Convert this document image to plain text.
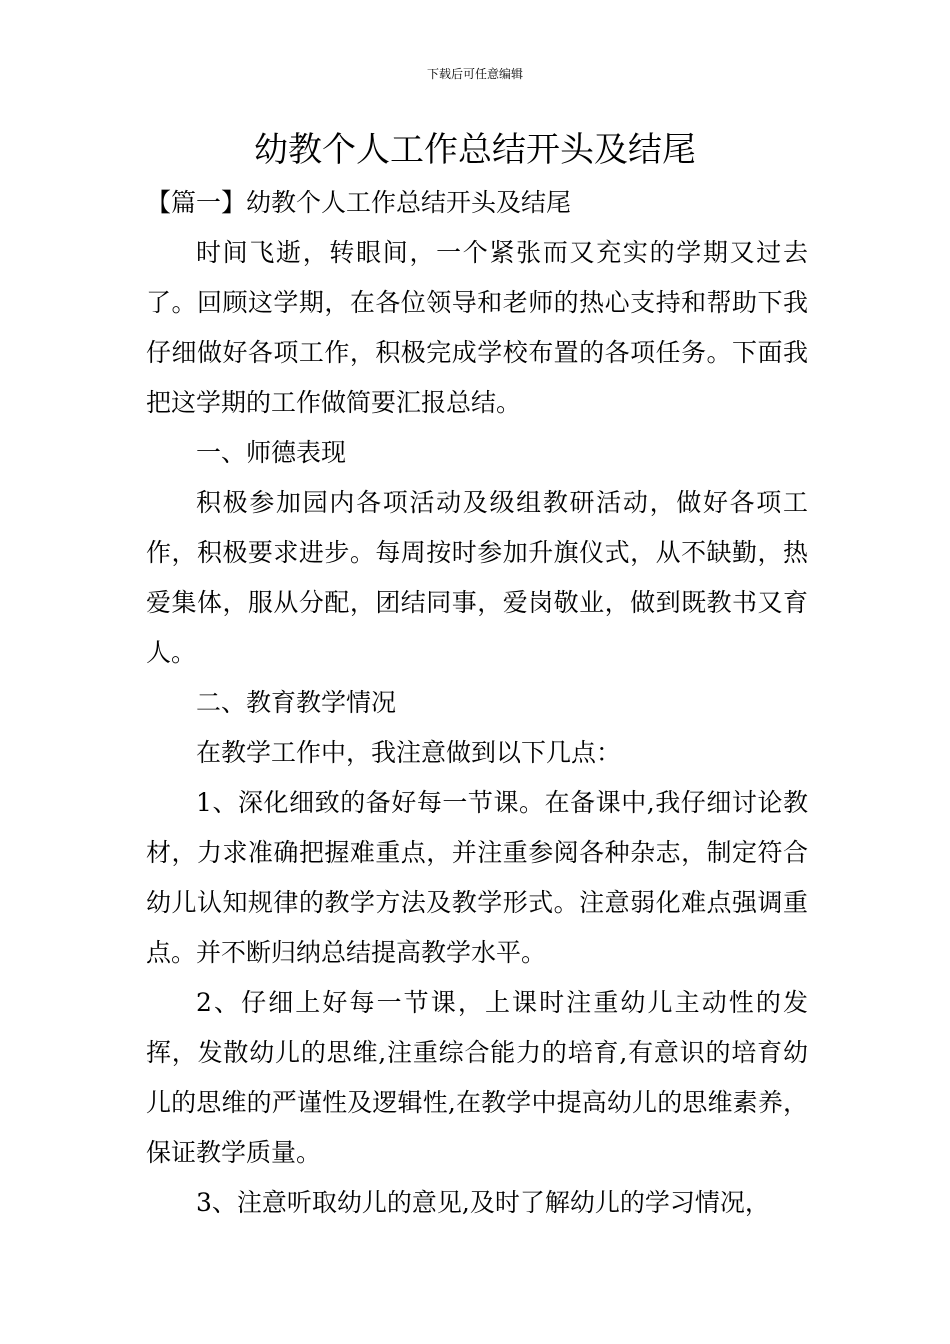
下载后可任意编辑
幼教个人工作总结开头及结尾

【篇一】幼教个人工作总结开头及结尾

时间飞逝，转眼间，一个紧张而又充实的学期又过去了。回顾这学期，在各位领导和老师的热心支持和帮助下我仔细做好各项工作，积极完成学校布置的各项任务。下面我把这学期的工作做简要汇报总结。

一、师德表现

积极参加园内各项活动及级组教研活动，做好各项工作，积极要求进步。每周按时参加升旗仪式，从不缺勤，热爱集体，服从分配，团结同事，爱岗敬业，做到既教书又育人。

二、教育教学情况

在教学工作中，我注意做到以下几点：

1、深化细致的备好每一节课。在备课中,我仔细讨论教材，力求准确把握难重点，并注重参阅各种杂志，制定符合幼儿认知规律的教学方法及教学形式。注意弱化难点强调重点。并不断归纳总结提高教学水平。

2、仔细上好每一节课，上课时注重幼儿主动性的发挥，发散幼儿的思维,注重综合能力的培育,有意识的培育幼儿的思维的严谨性及逻辑性,在教学中提高幼儿的思维素养，保证教学质量。

3、注意听取幼儿的意见,及时了解幼儿的学习情况，
